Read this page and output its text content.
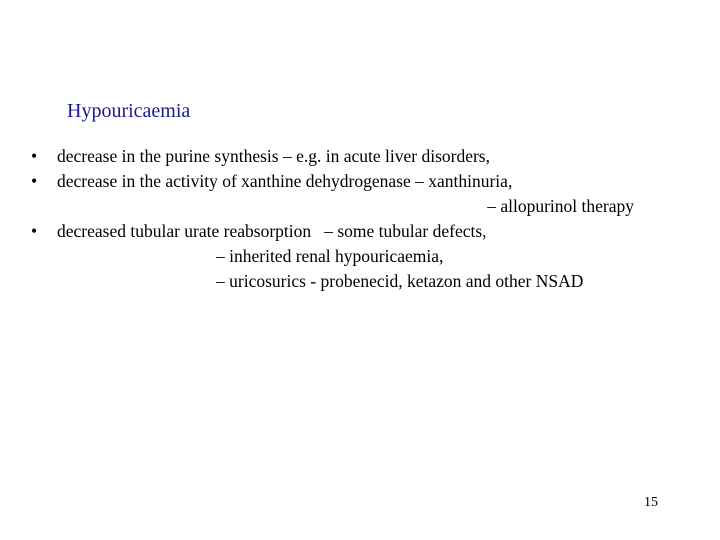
Hypouricaemia
• decrease in the purine synthesis – e.g. in acute liver disorders,
• decrease in the activity of xanthine dehydrogenase – xanthinuria,
– allopurinol therapy
• decreased tubular urate reabsorption   – some tubular defects,
– inherited renal hypouricaemia,
– uricosurics - probenecid, ketazon and other NSAD
15
